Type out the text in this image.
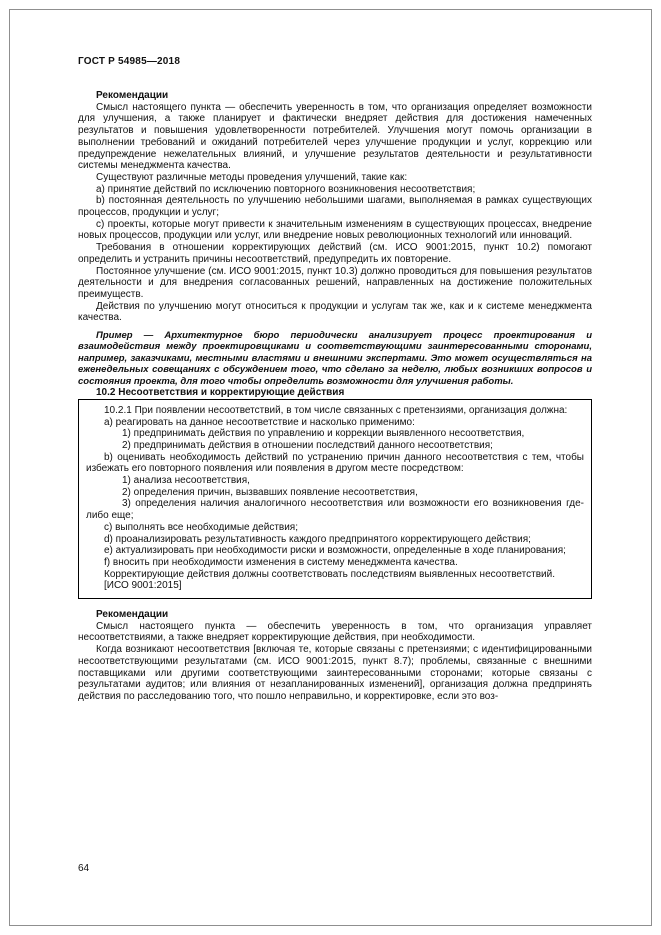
ГОСТ Р 54985—2018

Рекомендации

Смысл настоящего пункта — обеспечить уверенность в том, что организация определяет возможности для улучшения, а также планирует и фактически внедряет действия для достижения намеченных результатов и повышения удовлетворенности потребителей. Улучшения могут помочь организации в выполнении требований и ожиданий потребителей через улучшение продукции и услуг, коррекцию или предупреждение нежелательных влияний, и улучшение результатов деятельности и результативности системы менеджмента качества.

Существуют различные методы проведения улучшений, такие как:

a) принятие действий по исключению повторного возникновения несоответствия;

b) постоянная деятельность по улучшению небольшими шагами, выполняемая в рамках существующих процессов, продукции и услуг;

c) проекты, которые могут привести к значительным изменениям в существующих процессах, внедрение новых процессов, продукции или услуг, или внедрение новых революционных технологий или инноваций.

Требования в отношении корректирующих действий (см. ИСО 9001:2015, пункт 10.2) помогают определить и устранить причины несоответствий, предупредить их повторение.

Постоянное улучшение (см. ИСО 9001:2015, пункт 10.3) должно проводиться для повышения результатов деятельности и для внедрения согласованных решений, направленных на достижение положительных преимуществ.

Действия по улучшению могут относиться к продукции и услугам так же, как и к системе менеджмента качества.

Пример — Архитектурное бюро периодически анализирует процесс проектирования и взаимодействия между проектировщиками и соответствующими заинтересованными сторонами, например, заказчиками, местными властями и внешними экспертами. Это может осуществляться на еженедельных совещаниях с обсуждением того, что сделано за неделю, любых возникших вопросов и состояния проекта, для того чтобы определить возможности для улучшения работы.

10.2 Несоответствия и корректирующие действия

10.2.1 При появлении несоответствий, в том числе связанных с претензиями, организация должна:

a) реагировать на данное несоответствие и насколько применимо:

1) предпринимать действия по управлению и коррекции выявленного несоответствия,

2) предпринимать действия в отношении последствий данного несоответствия;

b) оценивать необходимость действий по устранению причин данного несоответствия с тем, чтобы избежать его повторного появления или появления в другом месте посредством:

1) анализа несоответствия,

2) определения причин, вызвавших появление несоответствия,

3) определения наличия аналогичного несоответствия или возможности его возникновения где-либо еще;

c) выполнять все необходимые действия;

d) проанализировать результативность каждого предпринятого корректирующего действия;

e) актуализировать при необходимости риски и возможности, определенные в ходе планирования;

f) вносить при необходимости изменения в систему менеджмента качества.

Корректирующие действия должны соответствовать последствиям выявленных несоответствий.

[ИСО 9001:2015]

Рекомендации

Смысл настоящего пункта — обеспечить уверенность в том, что организация управляет несоответствиями, а также внедряет корректирующие действия, при необходимости.

Когда возникают несоответствия [включая те, которые связаны с претензиями; с идентифицированными несоответствующими результатами (см. ИСО 9001:2015, пункт 8.7); проблемы, связанные с внешними поставщиками или другими соответствующими заинтересованными сторонами; которые связаны с результатами аудитов; или влияния от незапланированных изменений], организация должна предпринять действия по расследованию того, что пошло неправильно, и корректировке, если это воз-

64
